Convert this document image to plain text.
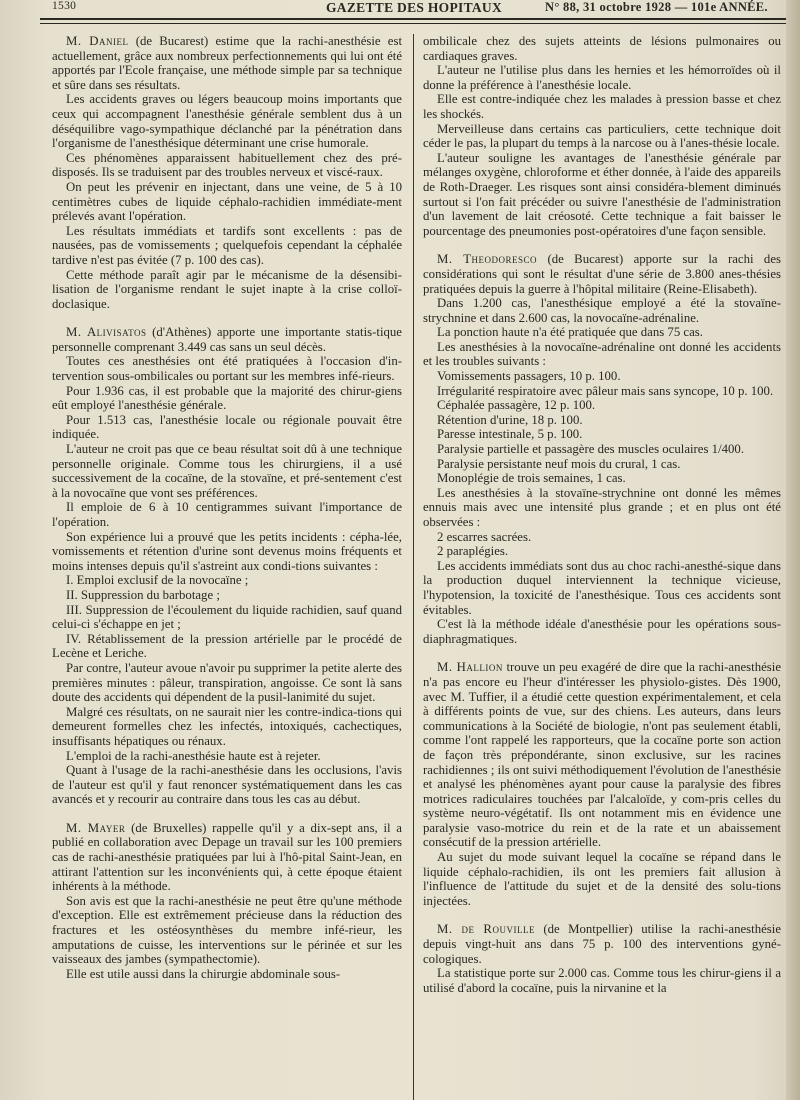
1530	GAZETTE DES HOPITAUX	N° 88, 31 octobre 1928 — 101e ANNÉE.

M. Daniel (de Bucarest) estime que la rachi-anesthésie est actuellement, grâce aux nombreux perfectionnements qui lui ont été apportés par l'Ecole française, une méthode simple par sa technique et sûre dans ses résultats.

Les accidents graves ou légers beaucoup moins importants que ceux qui accompagnent l'anesthésie générale semblent dus à un déséquilibre vago-sympathique déclanché par la pénétration dans l'organisme de l'anesthésique déterminant une crise humorale.

Ces phénomènes apparaissent habituellement chez des pré-disposés. Ils se traduisent par des troubles nerveux et viscé-raux.

On peut les prévenir en injectant, dans une veine, de 5 à 10 centimètres cubes de liquide céphalo-rachidien immédiate-ment prélevés avant l'opération.

Les résultats immédiats et tardifs sont excellents : pas de nausées, pas de vomissements ; quelquefois cependant la céphalée tardive n'est pas évitée (7 p. 100 des cas).

Cette méthode paraît agir par le mécanisme de la désensibi-lisation de l'organisme rendant le sujet inapte à la crise colloï-doclasique.

M. Alivisatos (d'Athènes) apporte une importante statis-tique personnelle comprenant 3.449 cas sans un seul décès.

Toutes ces anesthésies ont été pratiquées à l'occasion d'in-tervention sous-ombilicales ou portant sur les membres infé-rieurs.

Pour 1.936 cas, il est probable que la majorité des chirur-giens eût employé l'anesthésie générale.

Pour 1.513 cas, l'anesthésie locale ou régionale pouvait être indiquée.

L'auteur ne croit pas que ce beau résultat soit dû à une technique personnelle originale. Comme tous les chirurgiens, il a usé successivement de la cocaïne, de la stovaïne, et pré-sentement c'est à la novocaïne que vont ses préférences.

Il emploie de 6 à 10 centigrammes suivant l'importance de l'opération.

Son expérience lui a prouvé que les petits incidents : cépha-lée, vomissements et rétention d'urine sont devenus moins fréquents et moins intenses depuis qu'il s'astreint aux condi-tions suivantes :

I. Emploi exclusif de la novocaïne ;

II. Suppression du barbotage ;

III. Suppression de l'écoulement du liquide rachidien, sauf quand celui-ci s'échappe en jet ;

IV. Rétablissement de la pression artérielle par le procédé de Lecène et Leriche.

Par contre, l'auteur avoue n'avoir pu supprimer la petite alerte des premières minutes : pâleur, transpiration, angoisse. Ce sont là sans doute des accidents qui dépendent de la pusil-lanimité du sujet.

Malgré ces résultats, on ne saurait nier les contre-indica-tions qui demeurent formelles chez les infectés, intoxiqués, cachectiques, insuffisants hépatiques ou rénaux.

L'emploi de la rachi-anesthésie haute est à rejeter.

Quant à l'usage de la rachi-anesthésie dans les occlusions, l'avis de l'auteur est qu'il y faut renoncer systématiquement dans les cas avancés et y recourir au contraire dans tous les cas au début.

M. Mayer (de Bruxelles) rappelle qu'il y a dix-sept ans, il a publié en collaboration avec Depage un travail sur les 100 premiers cas de rachi-anesthésie pratiquées par lui à l'hô-pital Saint-Jean, en attirant l'attention sur les inconvénients qui, à cette époque étaient inhérents à la méthode.

Son avis est que la rachi-anesthésie ne peut être qu'une méthode d'exception. Elle est extrêmement précieuse dans la réduction des fractures et les ostéosynthèses du membre infé-rieur, les amputations de cuisse, les interventions sur le périnée et sur les vaisseaux des jambes (sympathectomie).

Elle est utile aussi dans la chirurgie abdominale sous-

ombilicale chez des sujets atteints de lésions pulmonaires ou cardiaques graves.

L'auteur ne l'utilise plus dans les hernies et les hémorroïdes où il donne la préférence à l'anesthésie locale.

Elle est contre-indiquée chez les malades à pression basse et chez les shockés.

Merveilleuse dans certains cas particuliers, cette technique doit céder le pas, la plupart du temps à la narcose ou à l'anes-thésie locale.

L'auteur souligne les avantages de l'anesthésie générale par mélanges oxygène, chloroforme et éther donnée, à l'aide des appareils de Roth-Draeger. Les risques sont ainsi considéra-blement diminués surtout si l'on fait précéder ou suivre l'anesthésie de l'administration d'un lavement de lait créosoté. Cette technique a fait baisser le pourcentage des pneumonies post-opératoires d'une façon sensible.

M. Theodoresco (de Bucarest) apporte sur la rachi des considérations qui sont le résultat d'une série de 3.800 anes-thésies pratiquées depuis la guerre à l'hôpital militaire (Reine-Elisabeth).

Dans 1.200 cas, l'anesthésique employé a été la stovaïne-strychnine et dans 2.600 cas, la novocaïne-adrénaline.

La ponction haute n'a été pratiquée que dans 75 cas.

Les anesthésies à la novocaïne-adrénaline ont donné les accidents et les troubles suivants :

Vomissements passagers, 10 p. 100.

Irrégularité respiratoire avec pâleur mais sans syncope, 10 p. 100.

Céphalée passagère, 12 p. 100.

Rétention d'urine, 18 p. 100.

Paresse intestinale, 5 p. 100.

Paralysie partielle et passagère des muscles oculaires 1/400.

Paralysie persistante neuf mois du crural, 1 cas.

Monoplégie de trois semaines, 1 cas.

Les anesthésies à la stovaïne-strychnine ont donné les mêmes ennuis mais avec une intensité plus grande ; et en plus ont été observées :

2 escarres sacrées.

2 paraplégies.

Les accidents immédiats sont dus au choc rachi-anesthé-sique dans la production duquel interviennent la technique vicieuse, l'hypotension, la toxicité de l'anesthésique. Tous ces accidents sont évitables.

C'est là la méthode idéale d'anesthésie pour les opérations sous-diaphragmatiques.

M. Hallion trouve un peu exagéré de dire que la rachi-anesthésie n'a pas encore eu l'heur d'intéresser les physiolo-gistes. Dès 1900, avec M. Tuffier, il a étudié cette question expérimentalement, et cela à différents points de vue, sur des chiens. Les auteurs, dans leurs communications à la Société de biologie, n'ont pas seulement établi, comme l'ont rappelé les rapporteurs, que la cocaïne porte son action de façon très prépondérante, sinon exclusive, sur les racines rachidiennes ; ils ont suivi méthodiquement l'évolution de l'anesthésie et analysé les phénomènes ayant pour cause la paralysie des fibres motrices radiculaires touchées par l'alcaloïde, y com-pris celles du système neuro-végétatif. Ils ont notamment mis en évidence une paralysie vaso-motrice du rein et de la rate et un abaissement consécutif de la pression artérielle.

Au sujet du mode suivant lequel la cocaïne se répand dans le liquide céphalo-rachidien, ils ont les premiers fait allusion à l'influence de l'attitude du sujet et de la densité des solu-tions injectées.

M. de Rouville (de Montpellier) utilise la rachi-anesthésie depuis vingt-huit ans dans 75 p. 100 des interventions gyné-cologiques.

La statistique porte sur 2.000 cas. Comme tous les chirur-giens il a utilisé d'abord la cocaïne, puis la nirvanine et la
